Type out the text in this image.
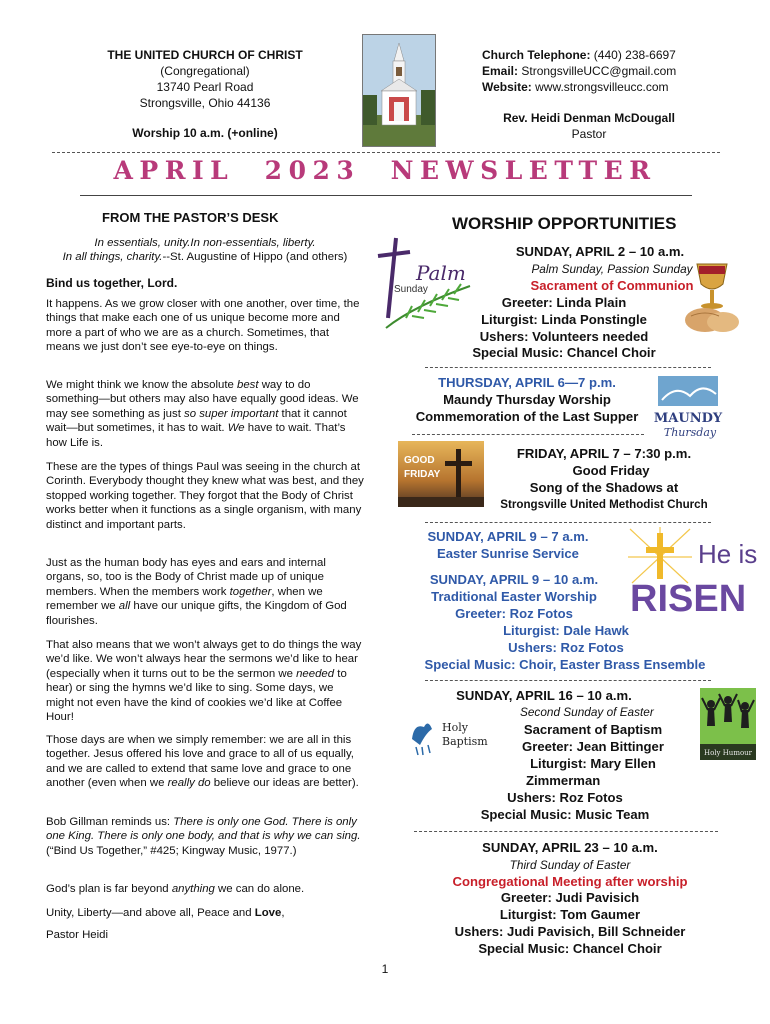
THE UNITED CHURCH OF CHRIST
(Congregational)
13740 Pearl Road
Strongsville, Ohio 44136
Worship 10 a.m. (+online)
Church Telephone: (440) 238-6697
Email: StrongsvilleUCC@gmail.com
Website: www.strongsvilleucc.com
Rev. Heidi Denman McDougall
Pastor
APRIL  2023  NEWSLETTER
FROM THE PASTOR’S DESK
In essentials, unity.In non-essentials, liberty.
In all things, charity.--St. Augustine of Hippo (and others)
Bind us together, Lord.

It happens. As we grow closer with one another, over time, the things that make each one of us unique become more and more a part of who we are as a church. Sometimes, that means we just don’t see eye-to-eye on things.

We might think we know the absolute best way to do something—but others may also have equally good ideas. We may see something as just so super important that it cannot wait—but sometimes, it has to wait. We have to wait. That’s how Life is.

These are the types of things Paul was seeing in the church at Corinth. Everybody thought they knew what was best, and they stopped working together. They forgot that the Body of Christ works better when it functions as a single organism, with many distinct and important parts.

Just as the human body has eyes and ears and internal organs, so, too is the Body of Christ made up of unique members. When the members work together, when we remember we all have our unique gifts, the Kingdom of God flourishes.

That also means that we won’t always get to do things the way we’d like. We won’t always hear the sermons we’d like to hear (especially when it turns out to be the sermon we needed to hear) or sing the hymns we’d like to sing. Some days, we might not even have the kind of cookies we’d like at Coffee Hour!

Those days are when we simply remember: we are all in this together. Jesus offered his love and grace to all of us equally, and we are called to extend that same love and grace to one another (even when we really do believe our ideas are better).

Bob Gillman reminds us: There is only one God. There is only one King. There is only one body, and that is why we can sing. (“Bind Us Together,” #425; Kingway Music, 1977.)

God’s plan is far beyond anything we can do alone.

Unity, Liberty—and above all, Peace and Love,

Pastor Heidi

WORSHIP OPPORTUNITIES
Palm
Sunday
SUNDAY, APRIL 2 – 10 a.m.
Palm Sunday, Passion Sunday
Sacrament of Communion
Greeter: Linda Plain
Liturgist: Linda Ponstingle
Ushers: Volunteers needed
Special Music: Chancel Choir
THURSDAY, APRIL 6—7 p.m.
Maundy Thursday Worship
Commemoration of the Last Supper	MAUNDY
Thursday
GOOD
FRIDAY
FRIDAY, APRIL 7 – 7:30 p.m.
Good Friday
Song of the Shadows at
Strongsville United Methodist Church
SUNDAY, APRIL 9 – 7 a.m.
Easter Sunrise Service	He is
RISEN
SUNDAY, APRIL 9 – 10 a.m.
Traditional Easter Worship
Greeter: Roz Fotos
Liturgist: Dale Hawk
Ushers: Roz Fotos
Special Music: Choir, Easter Brass Ensemble
SUNDAY, APRIL 16 – 10 a.m.
Second Sunday of Easter
Holy
Baptism
Holy Humour
Sacrament of Baptism
Greeter: Jean Bittinger
Liturgist: Mary Ellen
Zimmerman
Ushers: Roz Fotos
Special Music: Music Team
SUNDAY, APRIL 23 – 10 a.m.
Third Sunday of Easter
Congregational Meeting after worship
Greeter: Judi Pavisich
Liturgist: Tom Gaumer
Ushers: Judi Pavisich, Bill Schneider
Special Music: Chancel Choir
1
